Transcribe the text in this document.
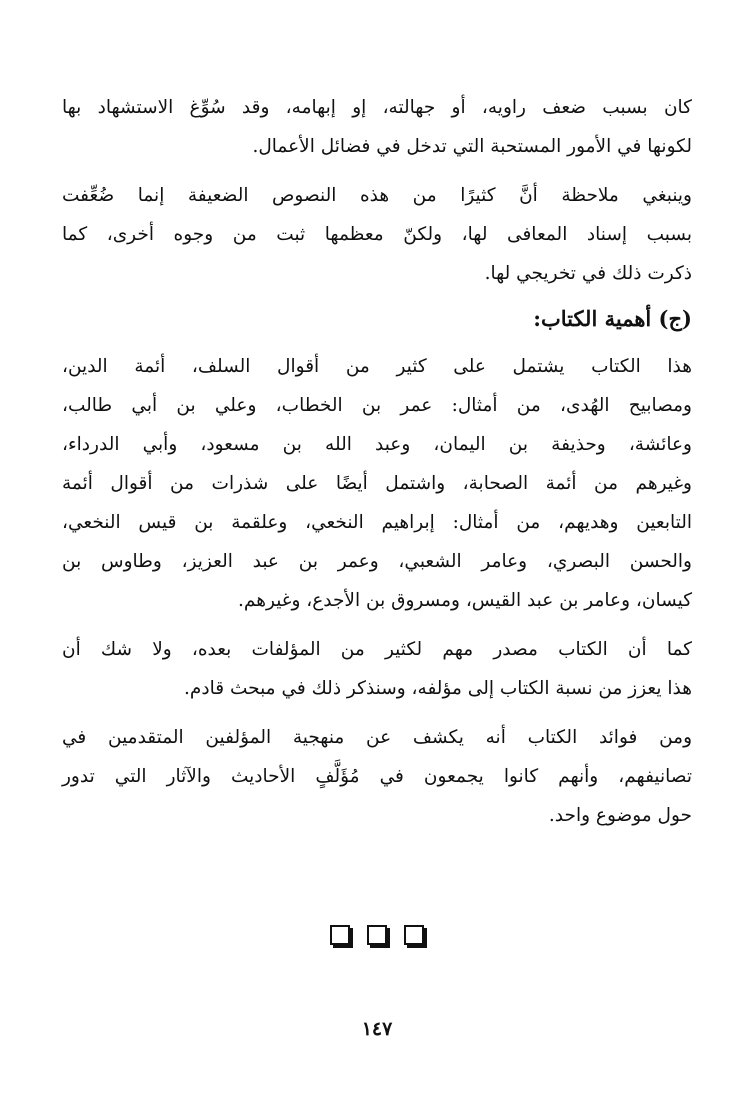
كان بسبب ضعف راويه، أو جهالته، إو إبهامه، وقد سُوِّغ الاستشهاد بها
لكونها في الأمور المستحبة التي تدخل في فضائل الأعمال.

وينبغي ملاحظة أنَّ كثيرًا من هذه النصوص الضعيفة إنما ضُعِّفت
بسبب إسناد المعافى لها، ولكنّ معظمها ثبت من وجوه أخرى، كما
ذكرت ذلك في تخريجي لها.

(ج) أهمية الكتاب:

هذا الكتاب يشتمل على كثير من أقوال السلف، أئمة الدين،
ومصابيح الهُدى، من أمثال: عمر بن الخطاب، وعلي بن أبي طالب،
وعائشة، وحذيفة بن اليمان، وعبد الله بن مسعود، وأبي الدرداء،
وغيرهم من أئمة الصحابة، واشتمل أيضًا على شذرات من أقوال أئمة
التابعين وهديهم، من أمثال: إبراهيم النخعي، وعلقمة بن قيس النخعي،
والحسن البصري، وعامر الشعبي، وعمر بن عبد العزيز، وطاوس بن
كيسان، وعامر بن عبد القيس، ومسروق بن الأجدع، وغيرهم.

كما أن الكتاب مصدر مهم لكثير من المؤلفات بعده، ولا شك أن
هذا يعزز من نسبة الكتاب إلى مؤلفه، وسنذكر ذلك في مبحث قادم.

ومن فوائد الكتاب أنه يكشف عن منهجية المؤلفين المتقدمين في
تصانيفهم، وأنهم كانوا يجمعون في مُؤَلَّفٍ الأحاديث والآثار التي تدور
حول موضوع واحد.

١٤٧
